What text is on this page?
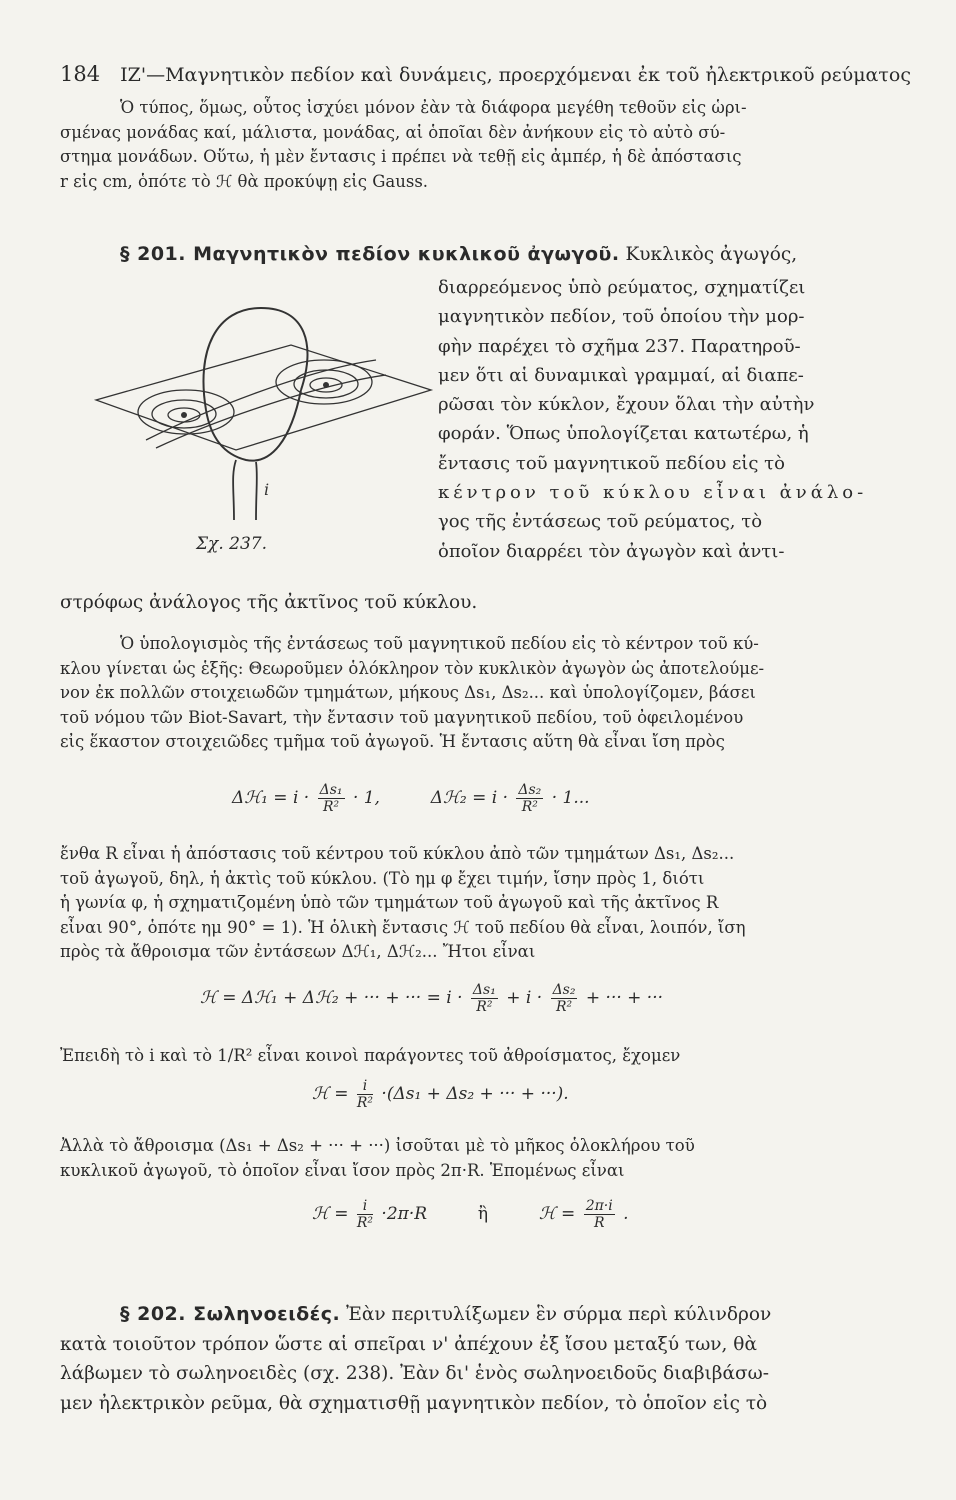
184 ΙΖ'—Μαγνητικὸν πεδίον καὶ δυνάμεις, προερχόμεναι ἐκ τοῦ ἠλεκτρικοῦ ρεύματος
Ὁ τύπος, ὅμως, οὗτος ἰσχύει μόνον ἐὰν τὰ διάφορα μεγέθη τεθοῦν εἰς ὡρι-
σμένας μονάδας καί, μάλιστα, μονάδας, αἱ ὁποῖαι δὲν ἀνήκουν εἰς τὸ αὐτὸ σύ-
στημα μονάδων. Οὕτω, ἡ μὲν ἔντασις i πρέπει νὰ τεθῇ εἰς ἀμπέρ, ἡ δὲ ἀπόστασις
r εἰς cm, ὁπότε τὸ ℋ θὰ προκύψῃ εἰς Gauss.
§ 201. Μαγνητικὸν πεδίον κυκλικοῦ ἀγωγοῦ. Κυκλικὸς ἀγωγός,
διαρρεόμενος ὑπὸ ρεύματος, σχηματίζει
μαγνητικὸν πεδίον, τοῦ ὁποίου τὴν μορ-
φὴν παρέχει τὸ σχῆμα 237. Παρατηροῦ-
μεν ὅτι αἱ δυναμικαὶ γραμμαί, αἱ διαπε-
ρῶσαι τὸν κύκλον, ἔχουν ὅλαι τὴν αὐτὴν
φοράν. Ὅπως ὑπολογίζεται κατωτέρω, ἡ
ἔντασις τοῦ μαγνητικοῦ πεδίου εἰς τὸ
κέντρον τοῦ κύκλου εἶναι ἀνάλο-
γος τῆς ἐντάσεως τοῦ ρεύματος, τὸ
ὁποῖον διαρρέει τὸν ἀγωγὸν καὶ ἀντι-
i
Σχ. 237.
στρόφως ἀνάλογος τῆς ἀκτῖνος τοῦ κύκλου.
Ὁ ὑπολογισμὸς τῆς ἐντάσεως τοῦ μαγνητικοῦ πεδίου εἰς τὸ κέντρον τοῦ κύ-
κλου γίνεται ὡς ἑξῆς: Θεωροῦμεν ὁλόκληρον τὸν κυκλικὸν ἀγωγὸν ὡς ἀποτελούμε-
νον ἐκ πολλῶν στοιχειωδῶν τμημάτων, μήκους Δs₁, Δs₂... καὶ ὑπολογίζομεν, βάσει
τοῦ νόμου τῶν Biot-Savart, τὴν ἔντασιν τοῦ μαγνητικοῦ πεδίου, τοῦ ὀφειλομένου
εἰς ἕκαστον στοιχειῶδες τμῆμα τοῦ ἀγωγοῦ. Ἡ ἔντασις αὕτη θὰ εἶναι ἴση πρὸς
Δℋ₁ = $i \cdot \frac{\text{Δs₁}}{\text{R²}} \cdot 1$,	Δℋ₂ = $i \cdot \frac{\text{Δs₂}}{\text{R²}} \cdot 1$...
ἔνθα R εἶναι ἡ ἀπόστασις τοῦ κέντρου τοῦ κύκλου ἀπὸ τῶν τμημάτων Δs₁, Δs₂...
τοῦ ἀγωγοῦ, δηλ, ἡ ἀκτὶς τοῦ κύκλου. (Τὸ ημ φ ἔχει τιμήν, ἴσην πρὸς 1, διότι
ἡ γωνία φ, ἡ σχηματιζομένη ὑπὸ τῶν τμημάτων τοῦ ἀγωγοῦ καὶ τῆς ἀκτῖνος R
εἶναι 90°, ὁπότε ημ 90° = 1). Ἡ ὁλικὴ ἔντασις ℋ τοῦ πεδίου θὰ εἶναι, λοιπόν, ἴση
πρὸς τὰ ἄθροισμα τῶν ἐντάσεων Δℋ₁, Δℋ₂... Ἤτοι εἶναι
ℋ = Δℋ₁ + Δℋ₂ + ··· + ··· = $i \cdot \frac{\text{Δs₁}}{\text{R²}} + i \cdot \frac{\text{Δs₂}}{\text{R²}}$ + ··· + ···
Ἐπειδὴ τὸ i καὶ τὸ 1/R² εἶναι κοινοὶ παράγοντες τοῦ ἀθροίσματος, ἔχομεν
ℋ = $\frac{i}{\text{R²}} \cdot(\Delta s_1 + \Delta s_2$ + ··· + ···).
Ἀλλὰ τὸ ἄθροισμα (Δs₁ + Δs₂ + ··· + ···) ἰσοῦται μὲ τὸ μῆκος ὁλοκλήρου τοῦ
κυκλικοῦ ἀγωγοῦ, τὸ ὁποῖον εἶναι ἴσον πρὸς 2π·R. Ἑπομένως εἶναι
ℋ = $\frac{i}{\text{R²}} \cdot 2\pi\cdot R$	ἢ	ℋ = $\frac{2\pi\cdot i}{R}$ .
§ 202. Σωληνοειδές. Ἐὰν περιτυλίξωμεν ἓν σύρμα περὶ κύλινδρον
κατὰ τοιοῦτον τρόπον ὥστε αἱ σπεῖραι ν' ἀπέχουν ἐξ ἴσου μεταξύ των, θὰ
λάβωμεν τὸ σωληνοειδὲς (σχ. 238). Ἐὰν δι' ἑνὸς σωληνοειδοῦς διαβιβάσω-
μεν ἠλεκτρικὸν ρεῦμα, θὰ σχηματισθῇ μαγνητικὸν πεδίον, τὸ ὁποῖον εἰς τὸ
